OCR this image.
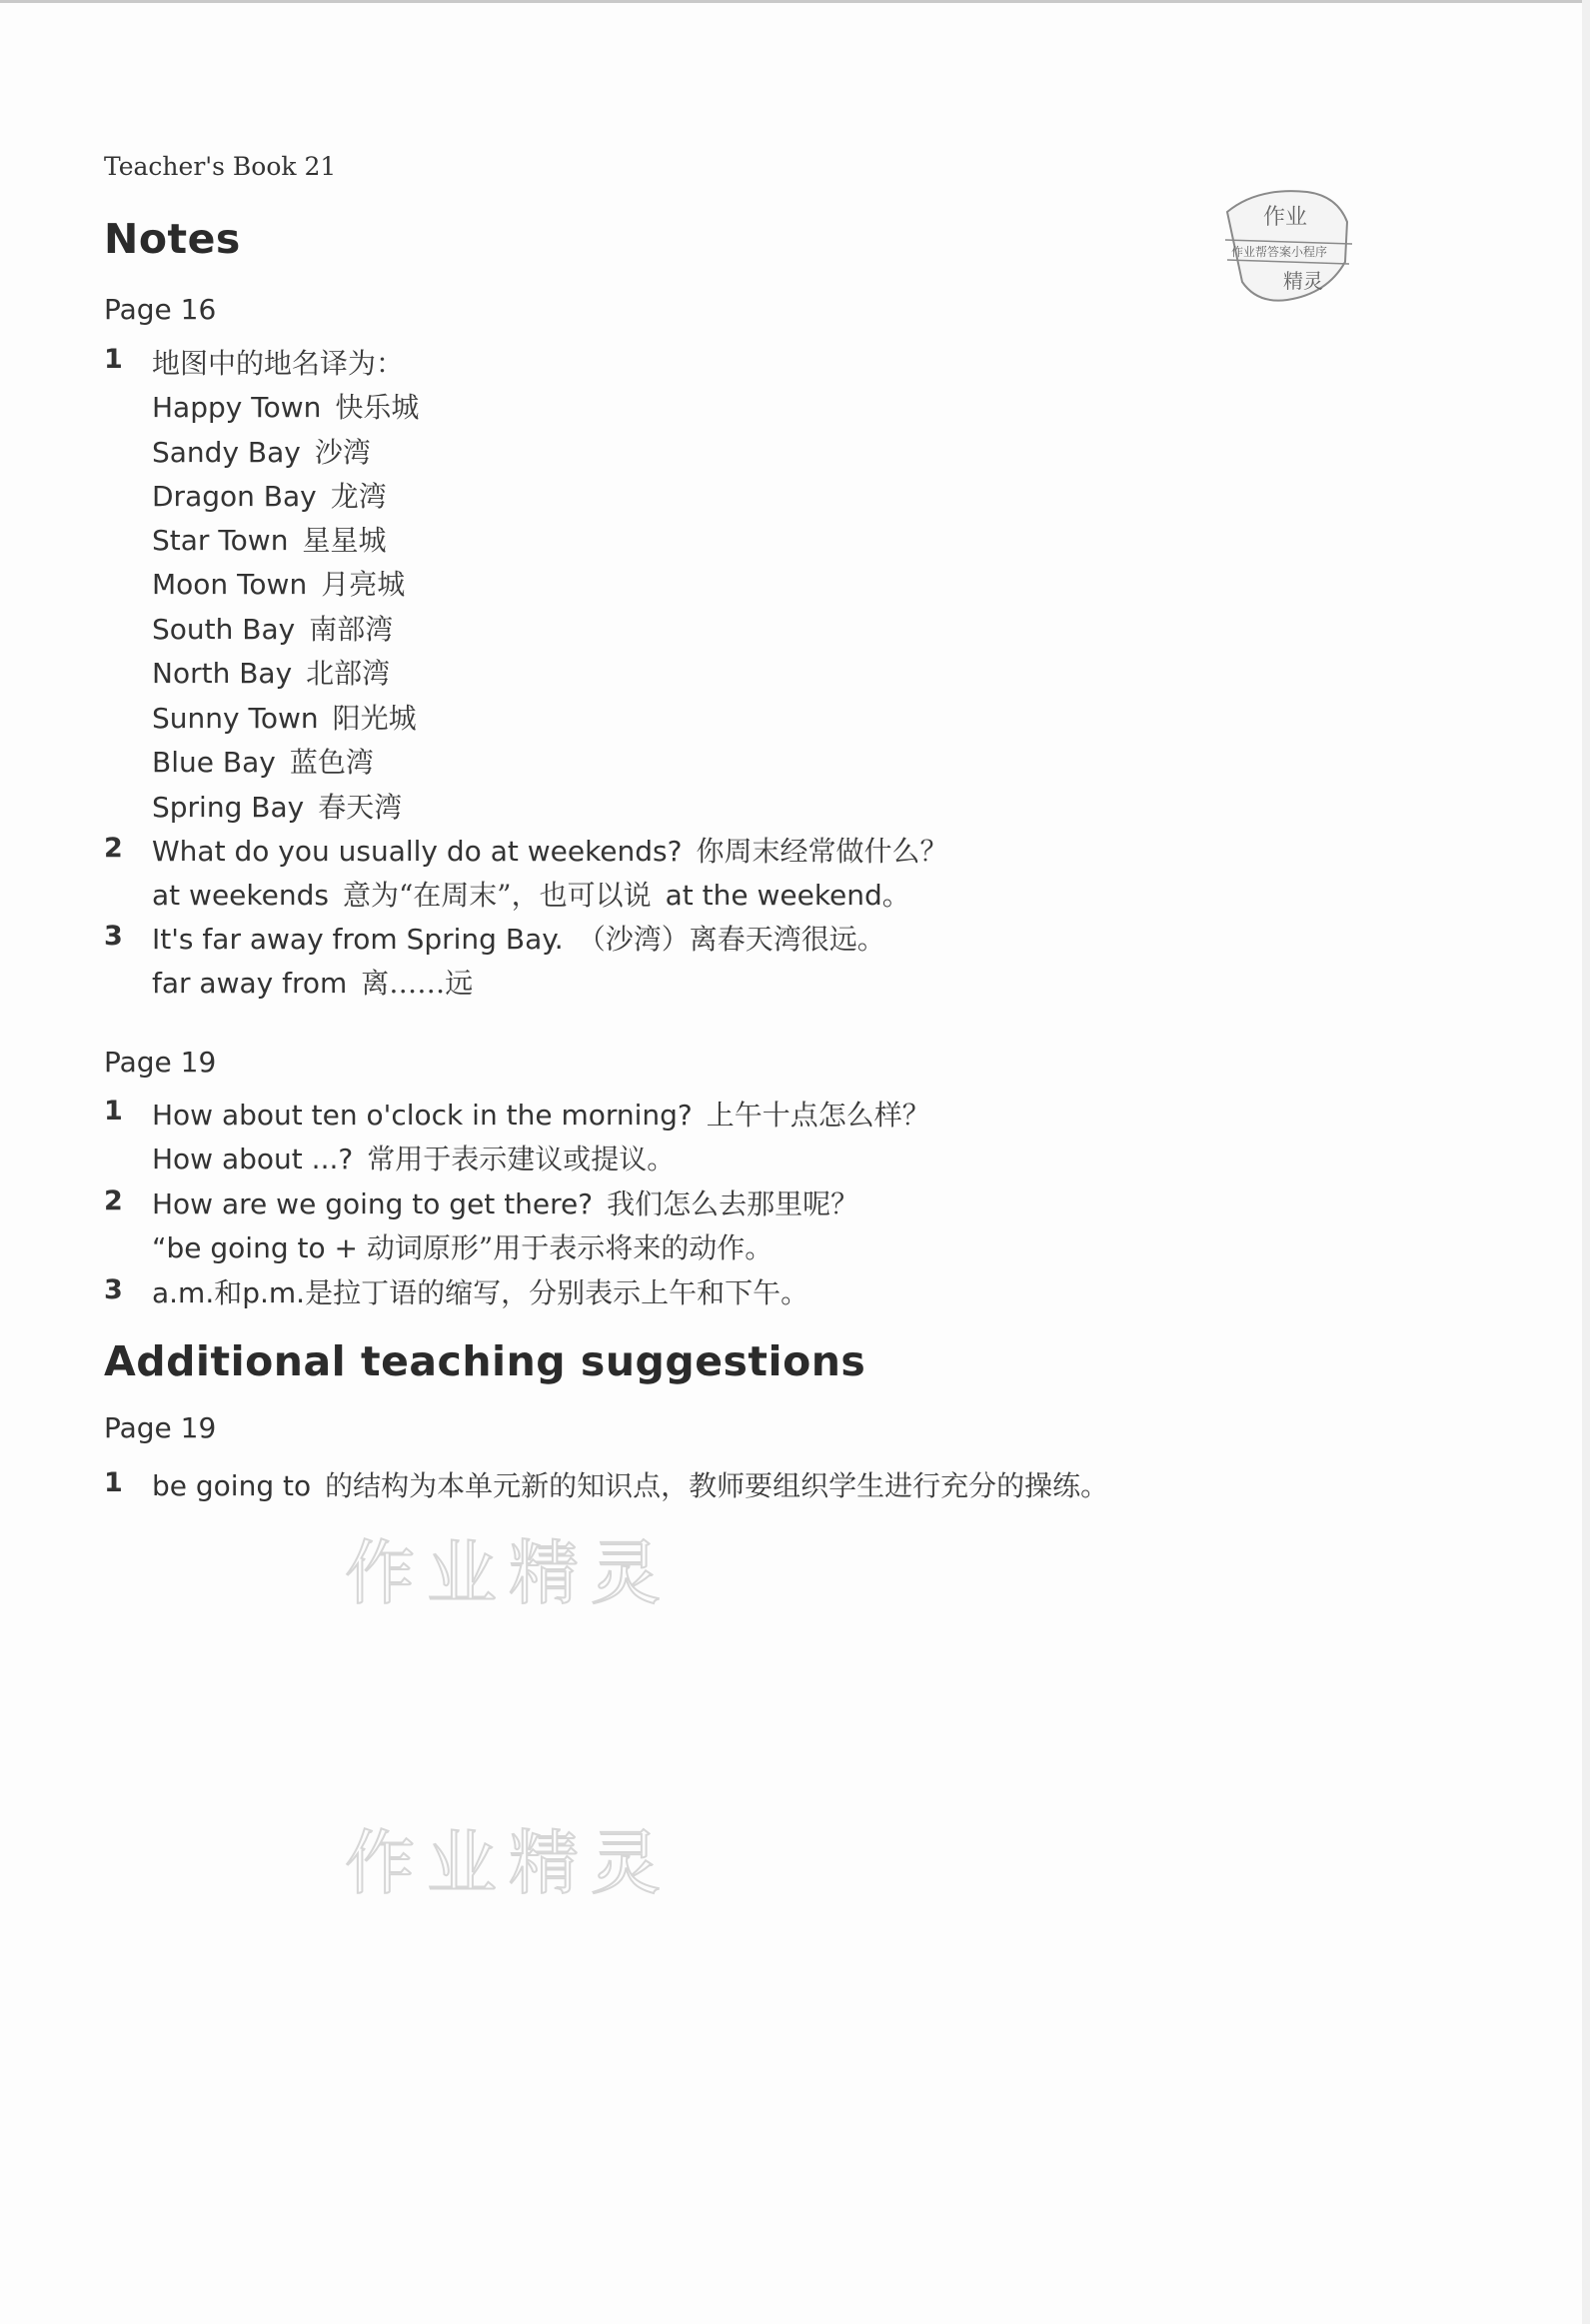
Teacher's Book 21
作业
作业帮答案小程序
精灵
Notes
Page 16
1 地图中的地名译为：
Happy Town 快乐城
Sandy Bay 沙湾
Dragon Bay 龙湾
Star Town 星星城
Moon Town 月亮城
South Bay 南部湾
North Bay 北部湾
Sunny Town 阳光城
Blue Bay 蓝色湾
Spring Bay 春天湾
2 What do you usually do at weekends? 你周末经常做什么？
at weekends 意为“在周末”，也可以说 at the weekend。
3 It's far away from Spring Bay. （沙湾）离春天湾很远。
far away from 离……远
Page 19
1 How about ten o'clock in the morning? 上午十点怎么样？
How about ...? 常用于表示建议或提议。
2 How are we going to get there? 我们怎么去那里呢？
“be going to + 动词原形”用于表示将来的动作。
3 a.m.和p.m.是拉丁语的缩写，分别表示上午和下午。
Additional teaching suggestions
Page 19
1 be going to 的结构为本单元新的知识点，教师要组织学生进行充分的操练。
作业精灵
作业精灵
